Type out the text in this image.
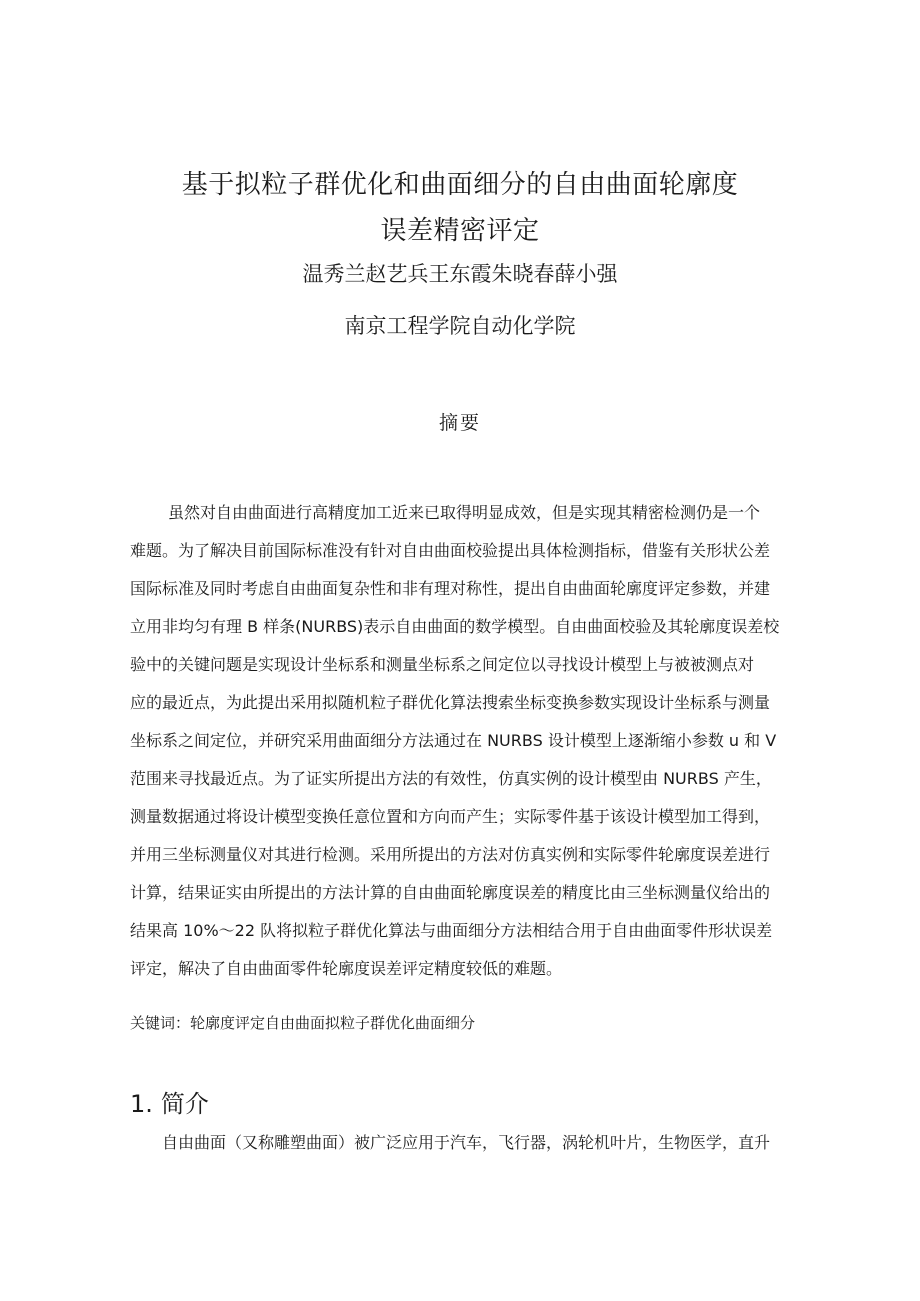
基于拟粒子群优化和曲面细分的自由曲面轮廓度
误差精密评定
温秀兰赵艺兵王东霞朱晓春薛小强
南京工程学院自动化学院
摘要
虽然对自由曲面进行高精度加工近来已取得明显成效，但是实现其精密检测仍是一个
难题。为了解决目前国际标准没有针对自由曲面校验提出具体检测指标，借鉴有关形状公差
国际标准及同时考虑自由曲面复杂性和非有理对称性，提出自由曲面轮廓度评定参数，并建
立用非均匀有理 B 样条(NURBS)表示自由曲面的数学模型。自由曲面校验及其轮廓度误差校
验中的关键问题是实现设计坐标系和测量坐标系之间定位以寻找设计模型上与被被测点对
应的最近点，为此提出采用拟随机粒子群优化算法搜索坐标变换参数实现设计坐标系与测量
坐标系之间定位，并研究采用曲面细分方法通过在 NURBS 设计模型上逐渐缩小参数 u 和 V
范围来寻找最近点。为了证实所提出方法的有效性，仿真实例的设计模型由 NURBS 产生，
测量数据通过将设计模型变换任意位置和方向而产生；实际零件基于该设计模型加工得到，
并用三坐标测量仪对其进行检测。采用所提出的方法对仿真实例和实际零件轮廓度误差进行
计算，结果证实由所提出的方法计算的自由曲面轮廓度误差的精度比由三坐标测量仪给出的
结果高 10%〜22 队将拟粒子群优化算法与曲面细分方法相结合用于自由曲面零件形状误差
评定，解决了自由曲面零件轮廓度误差评定精度较低的难题。
关键词：轮廓度评定自由曲面拟粒子群优化曲面细分
1. 简介
自由曲面（又称雕塑曲面）被广泛应用于汽车，飞行器，涡轮机叶片，生物医学，直升
